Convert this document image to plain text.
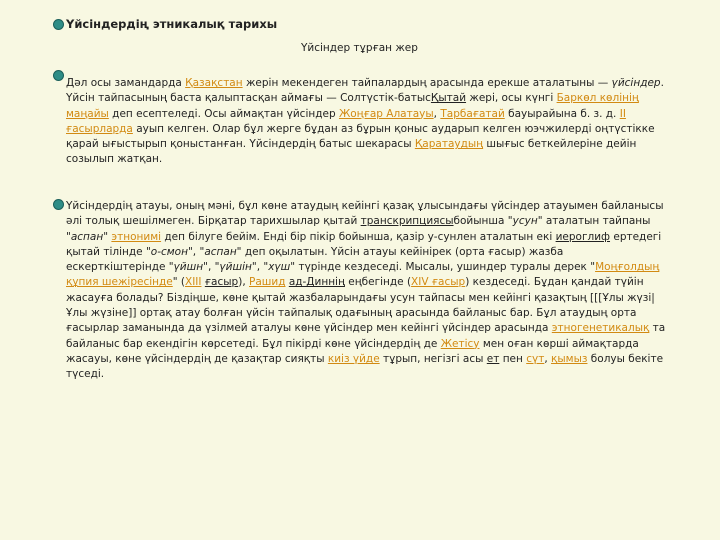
Үйсіндердің этникалық тарихы
Үйсіндер тұрған жер

Дәл осы замандарда Қазақстан жерін мекендеген тайпалардың арасында ерекше аталатыны — үйсіндер. Үйсін тайпасының баста қалыптасқан аймағы — Солтүстік-батысҚытай жері, осы күнгі Баркөл көлінің маңайы деп есептеледі. Осы аймақтан үйсіндер Жоңғар Алатауы, Тарбағатай бауырайына б. з. д. II ғасырларда ауып келген. Олар бұл жерге бұдан аз бұрын қоныс аударып келген юэчжилерді оңтүстікке қарай ығыстырып қоныстанған. Үйсіндердің батыс шекарасы Қаратаудың шығыс беткейлеріне дейін созылып жатқан.

Үйсіндердің атауы, оның мәні, бұл көне атаудың кейінгі қазақ ұлысындағы үйсіндер атауымен байланысы әлі толық шешілмеген. Бірқатар тарихшылар қытай транскрипциясыбойынша "усун" аталатын тайпаны "аспан" этнонимі деп білуге бейім. Енді бір пікір бойынша, қазір у-сунлен аталатын екі иероглиф ертедегі қытай тілінде "о-смон", "аспан" деп оқылатын. Үйсін атауы кейінірек (орта ғасыр) жазба ескерткіштерінде "үйшн", "үйшін", "хүш" түрінде кездеседі. Мысалы, ушиндер туралы дерек "Моңғолдың құпия шежіресінде" (XIII ғасыр), Рашид ад-Диннің еңбегінде (XIV ғасыр) кездеседі. Бұдан қандай түйін жасауға болады? Біздіңше, көне қытай жазбаларындағы усун тайпасы мен кейінгі қазақтың [[[Ұлы жүзі|Ұлы жүзіне]] ортақ атау болған үйсін тайпалық одағының арасында байланыс бар. Бұл атаудың орта ғасырлар заманында да үзілмей аталуы көне үйсіндер мен кейінгі үйсіндер арасында этногенетикалық та байланыс бар екендігін көрсетеді. Бұл пікірді көне үйсіндердің де Жетісу мен оған көрші аймақтарда жасауы, көне үйсіндердің де қазақтар сияқты киіз үйде тұрып, негізгі асы ет пен сүт, қымыз болуы бекіте түседі.
